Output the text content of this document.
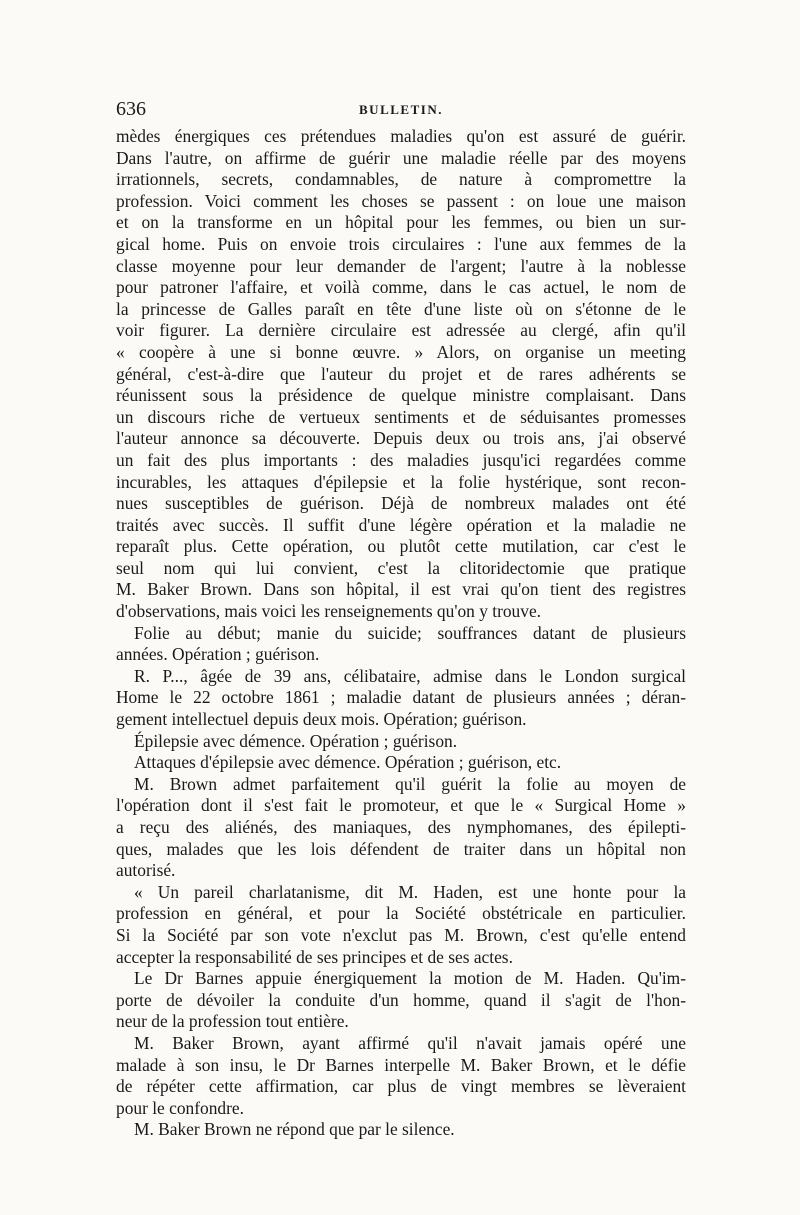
636	BULLETIN.
mèdes énergiques ces prétendues maladies qu'on est assuré de guérir.
Dans l'autre, on affirme de guérir une maladie réelle par des moyens
irrationnels, secrets, condamnables, de nature à compromettre la
profession. Voici comment les choses se passent : on loue une maison
et on la transforme en un hôpital pour les femmes, ou bien un sur-
gical home. Puis on envoie trois circulaires : l'une aux femmes de la
classe moyenne pour leur demander de l'argent; l'autre à la noblesse
pour patroner l'affaire, et voilà comme, dans le cas actuel, le nom de
la princesse de Galles paraît en tête d'une liste où on s'étonne de le
voir figurer. La dernière circulaire est adressée au clergé, afin qu'il
« coopère à une si bonne œuvre. » Alors, on organise un meeting
général, c'est-à-dire que l'auteur du projet et de rares adhérents se
réunissent sous la présidence de quelque ministre complaisant. Dans
un discours riche de vertueux sentiments et de séduisantes promesses
l'auteur annonce sa découverte. Depuis deux ou trois ans, j'ai observé
un fait des plus importants : des maladies jusqu'ici regardées comme
incurables, les attaques d'épilepsie et la folie hystérique, sont recon-
nues susceptibles de guérison. Déjà de nombreux malades ont été
traités avec succès. Il suffit d'une légère opération et la maladie ne
reparaît plus. Cette opération, ou plutôt cette mutilation, car c'est le
seul nom qui lui convient, c'est la clitoridectomie que pratique
M. Baker Brown. Dans son hôpital, il est vrai qu'on tient des registres
d'observations, mais voici les renseignements qu'on y trouve.
Folie au début; manie du suicide; souffrances datant de plusieurs
années. Opération ; guérison.
R. P..., âgée de 39 ans, célibataire, admise dans le London surgical
Home le 22 octobre 1861 ; maladie datant de plusieurs années ; déran-
gement intellectuel depuis deux mois. Opération; guérison.
Épilepsie avec démence. Opération ; guérison.
Attaques d'épilepsie avec démence. Opération ; guérison, etc.
M. Brown admet parfaitement qu'il guérit la folie au moyen de
l'opération dont il s'est fait le promoteur, et que le « Surgical Home »
a reçu des aliénés, des maniaques, des nymphomanes, des épilepti-
ques, malades que les lois défendent de traiter dans un hôpital non
autorisé.
« Un pareil charlatanisme, dit M. Haden, est une honte pour la
profession en général, et pour la Société obstétricale en particulier.
Si la Société par son vote n'exclut pas M. Brown, c'est qu'elle entend
accepter la responsabilité de ses principes et de ses actes.
Le Dr Barnes appuie énergiquement la motion de M. Haden. Qu'im-
porte de dévoiler la conduite d'un homme, quand il s'agit de l'hon-
neur de la profession tout entière.
M. Baker Brown, ayant affirmé qu'il n'avait jamais opéré une
malade à son insu, le Dr Barnes interpelle M. Baker Brown, et le défie
de répéter cette affirmation, car plus de vingt membres se lèveraient
pour le confondre.
M. Baker Brown ne répond que par le silence.
